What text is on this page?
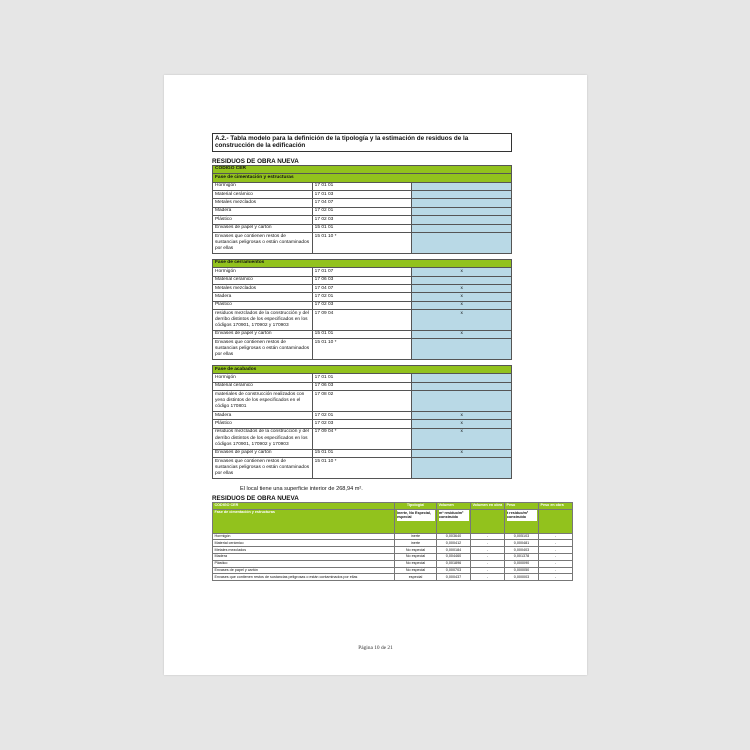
A.2.- Tabla modelo para la definición de la tipología y la estimación de residuos de la construcción de la edificación
RESIDUOS DE OBRA NUEVA
CODIGO CER		
Fase de cimentación y estructuras		
Hormigón	17 01 01	
Material cerámico	17 01 03	
Metales mezclados	17 04 07	
Madera	17 02 01	
Plástico	17 02 03	
Envases de papel y cartón	15 01 01	
Envases que contienen restos de sustancias peligrosas o están contaminados por ellas	15 01 10 *	

Fase de cerramientos		
Hormigón	17 01 07	x
Material cerámico	17 06 03	
Metales mezclados	17 04 07	x
Madera	17 02 01	x
Plástico	17 02 03	x
residuos mezclados de la construcción y del derribo distintos de los especificados en los códigos 170901, 170902 y 170903	17 09 04	x
Envases de papel y cartón	15 01 01	x
Envases que contienen restos de sustancias peligrosas o están contaminados por ellas	15 01 10 *	

Fase de acabados		
Hormigón	17 01 01	
Material cerámico	17 06 03	
materiales de construcción realizados con yeso distintos de los especificados en el código 170801	17 08 02	
Madera	17 02 01	x
Plástico	17 02 03	x
residuos mezclados de la construcción y del derribo distintos de los especificados en los códigos 170901, 170902 y 170903	17 09 04 *	x
Envases de papel y cartón	15 01 01	x
Envases que contienen restos de sustancias peligrosas o están contaminados por ellas	15 01 10 *	
El local tiene una superficie interior de 268,94 m².
RESIDUOS DE OBRA NUEVA
CODIGO CER	Tipología/	Volumen	Volumen en obra	Peso	Peso en obra
Fase de cimentación y estructuras	Inerte, No Especial, especial	m³ residuo/m² construido		t residuo/m² construido	

Hormigón	inerte	0,003640	-	0,005103	-
Material cerámico	inerte	0,000412	-	0,000481	-
Metales mezclados	No especial	0,000184	-	0,000403	-
Madera	No especial	0,004460	-	0,001378	-
Plástico	No especial	0,001896	-	0,000090	-
Envases de papel y cartón	No especial	0,000703	-	0,000050	-
Envases que contienen restos de sustancias peligrosas o están contaminados por ellas	especial	0,000437	-	0,000003	-
Página 10 de 21
